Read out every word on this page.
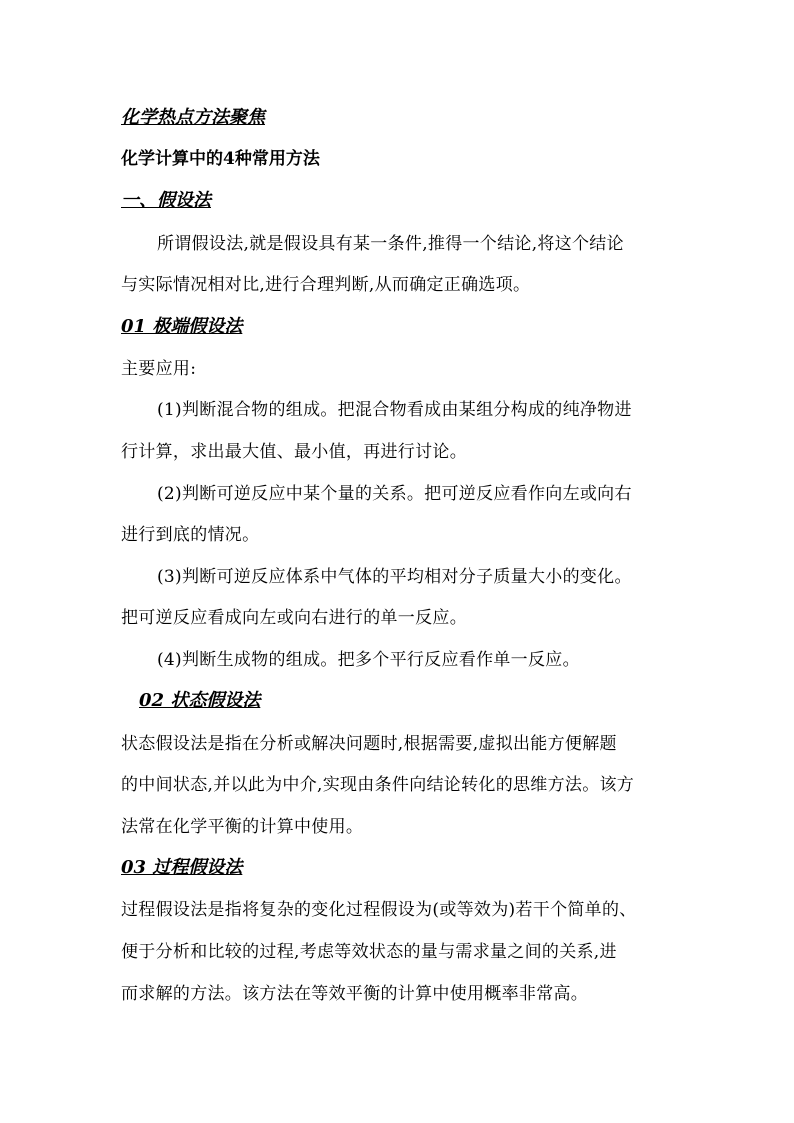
化学热点方法聚焦
化学计算中的4种常用方法
一、假设法
所谓假设法,就是假设具有某一条件,推得一个结论,将这个结论
与实际情况相对比,进行合理判断,从而确定正确选项。
01 极端假设法
主要应用:
(1)判断混合物的组成。把混合物看成由某组分构成的纯净物进
行计算，求出最大值、最小值，再进行讨论。
(2)判断可逆反应中某个量的关系。把可逆反应看作向左或向右
进行到底的情况。
(3)判断可逆反应体系中气体的平均相对分子质量大小的变化。
把可逆反应看成向左或向右进行的单一反应。
(4)判断生成物的组成。把多个平行反应看作单一反应。
02 状态假设法
状态假设法是指在分析或解决问题时,根据需要,虚拟出能方便解题
的中间状态,并以此为中介,实现由条件向结论转化的思维方法。该方
法常在化学平衡的计算中使用。
03 过程假设法
过程假设法是指将复杂的变化过程假设为(或等效为)若干个简单的、
便于分析和比较的过程,考虑等效状态的量与需求量之间的关系,进
而求解的方法。该方法在等效平衡的计算中使用概率非常高。
